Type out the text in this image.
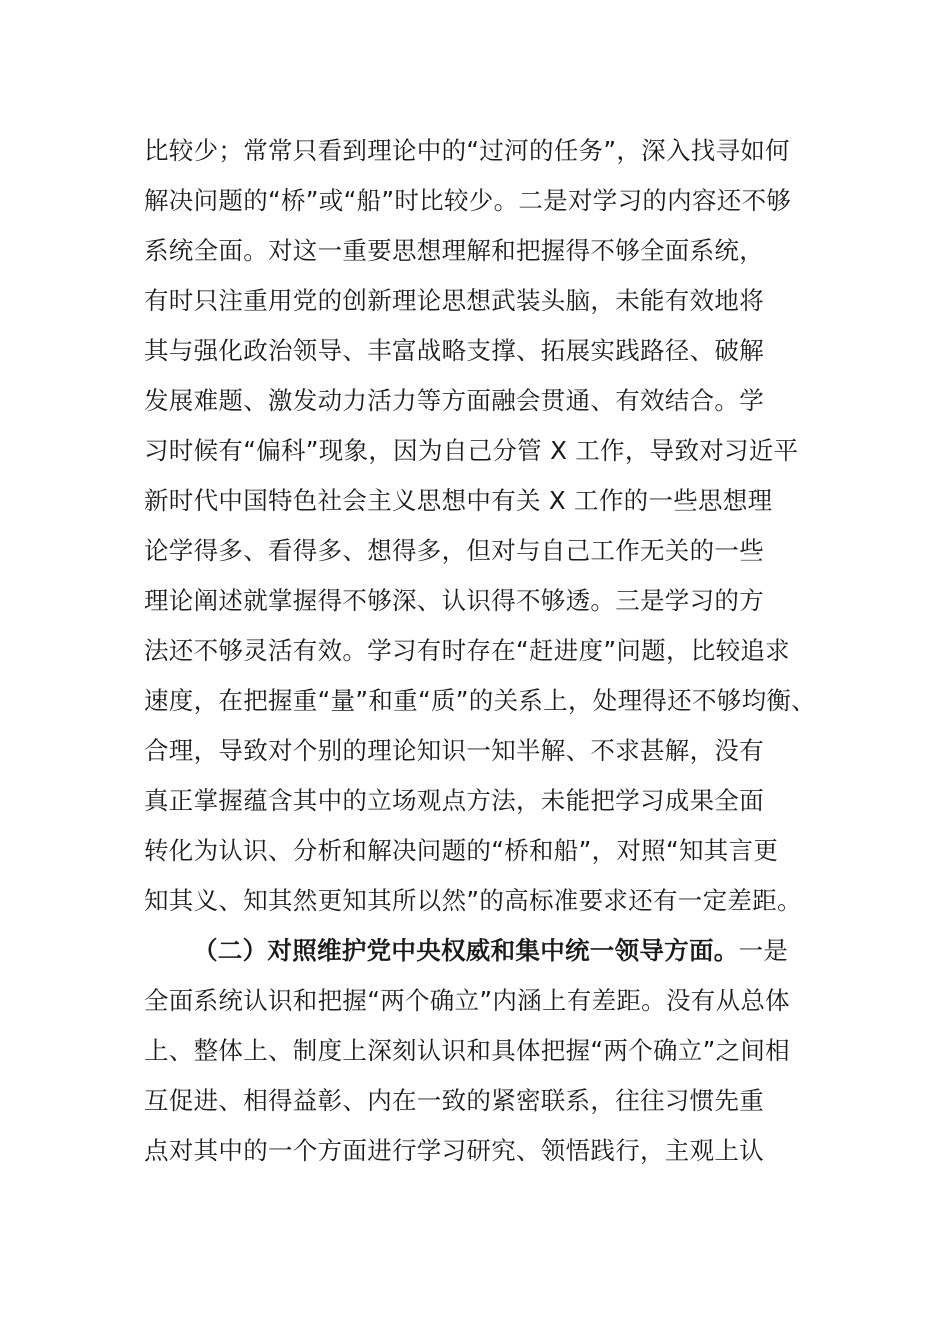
比较少；常常只看到理论中的“过河的任务”，深入找寻如何
解决问题的“桥”或“船”时比较少。二是对学习的内容还不够
系统全面。对这一重要思想理解和把握得不够全面系统，
有时只注重用党的创新理论思想武装头脑，未能有效地将
其与强化政治领导、丰富战略支撑、拓展实践路径、破解
发展难题、激发动力活力等方面融会贯通、有效结合。学
习时候有“偏科”现象，因为自己分管 X 工作，导致对习近平
新时代中国特色社会主义思想中有关 X 工作的一些思想理
论学得多、看得多、想得多，但对与自己工作无关的一些
理论阐述就掌握得不够深、认识得不够透。三是学习的方
法还不够灵活有效。学习有时存在“赶进度”问题，比较追求
速度，在把握重“量”和重“质”的关系上，处理得还不够均衡、
合理，导致对个别的理论知识一知半解、不求甚解，没有
真正掌握蕴含其中的立场观点方法，未能把学习成果全面
转化为认识、分析和解决问题的“桥和船”，对照“知其言更
知其义、知其然更知其所以然”的高标准要求还有一定差距。
（二）对照维护党中央权威和集中统一领导方面。一是
全面系统认识和把握“两个确立”内涵上有差距。没有从总体
上、整体上、制度上深刻认识和具体把握“两个确立”之间相
互促进、相得益彰、内在一致的紧密联系，往往习惯先重
点对其中的一个方面进行学习研究、领悟践行，主观上认
